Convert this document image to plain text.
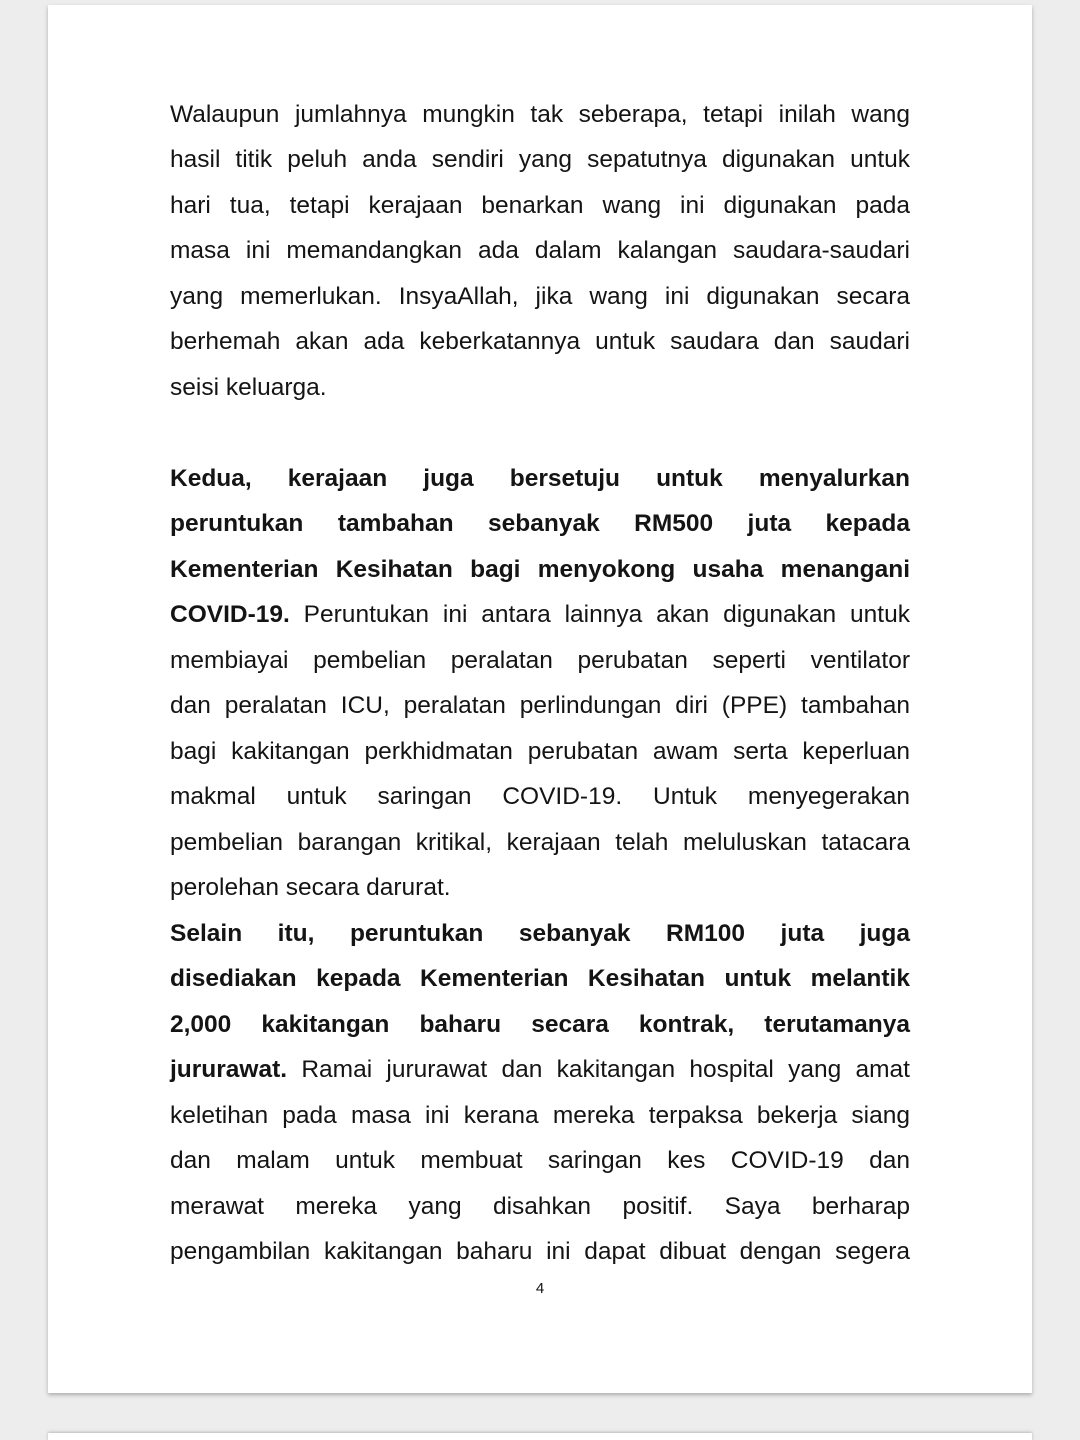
Walaupun jumlahnya mungkin tak seberapa, tetapi inilah wang
hasil titik peluh anda sendiri yang sepatutnya digunakan untuk
hari tua, tetapi kerajaan benarkan wang ini digunakan pada
masa ini memandangkan ada dalam kalangan saudara-saudari
yang memerlukan. InsyaAllah, jika wang ini digunakan secara
berhemah akan ada keberkatannya untuk saudara dan saudari
seisi keluarga.
Kedua, kerajaan juga bersetuju untuk menyalurkan
peruntukan tambahan sebanyak RM500 juta kepada
Kementerian Kesihatan bagi menyokong usaha menangani
COVID-19. Peruntukan ini antara lainnya akan digunakan untuk
membiayai pembelian peralatan perubatan seperti ventilator
dan peralatan ICU, peralatan perlindungan diri (PPE) tambahan
bagi kakitangan perkhidmatan perubatan awam serta keperluan
makmal untuk saringan COVID-19. Untuk menyegerakan
pembelian barangan kritikal, kerajaan telah meluluskan tatacara
perolehan secara darurat.
Selain itu, peruntukan sebanyak RM100 juta juga
disediakan kepada Kementerian Kesihatan untuk melantik
2,000 kakitangan baharu secara kontrak, terutamanya
jururawat. Ramai jururawat dan kakitangan hospital yang amat
keletihan pada masa ini kerana mereka terpaksa bekerja siang
dan malam untuk membuat saringan kes COVID-19 dan
merawat mereka yang disahkan positif. Saya berharap
pengambilan kakitangan baharu ini dapat dibuat dengan segera
4
